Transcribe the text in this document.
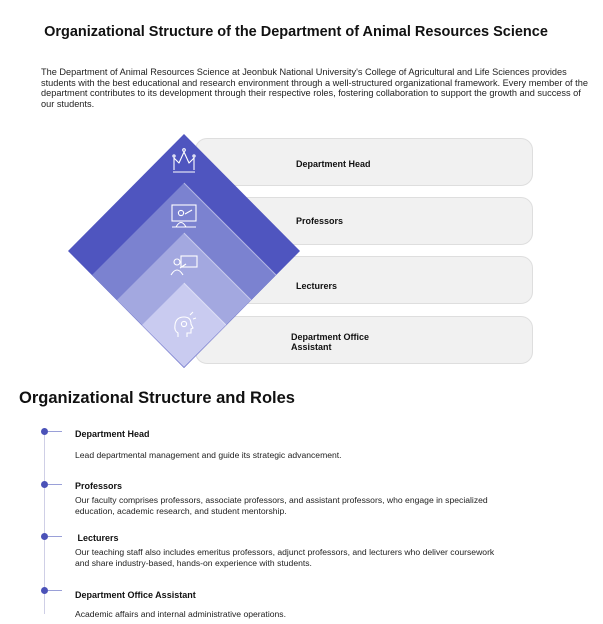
Organizational Structure of the Department of Animal Resources Science
The Department of Animal Resources Science at Jeonbuk National University's College of Agricultural and Life Sciences provides students with the best educational and research environment through a well-structured organizational framework. Every member of the department contributes to its development through their respective roles, fostering collaboration to support the growth and success of our students.
Department Head
Professors
Lecturers
Department Office
Assistant
Organizational Structure and Roles
Department Head
Lead departmental management and guide its strategic advancement.
Professors
Our faculty comprises professors, associate professors, and assistant professors, who engage in specialized education, academic research, and student mentorship.
Lecturers
Our teaching staff also includes emeritus professors, adjunct professors, and lecturers who deliver coursework and share industry-based, hands-on experience with students.
Department Office Assistant
Academic affairs and internal administrative operations.
